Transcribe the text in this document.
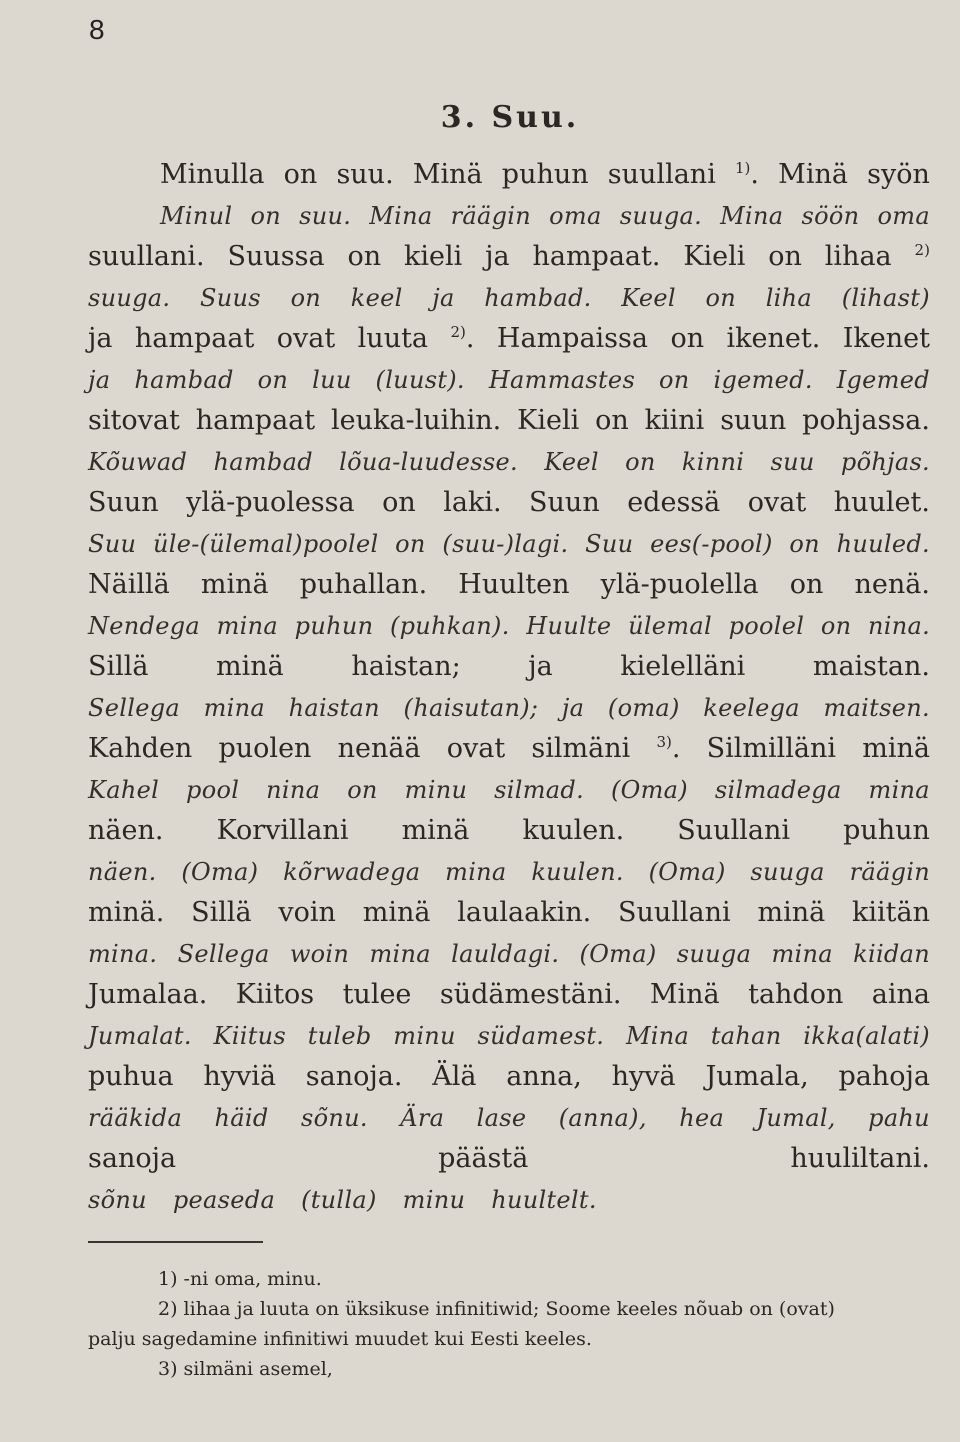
8
3. Suu.
Minulla on suu. Minä puhun suullani $^{1)}$. Minä syön
Minul on suu. Mina räägin oma suuga. Mina söön oma
suullani. Suussa on kieli ja hampaat. Kieli on lihaa $^{2)}$
suuga. Suus on keel ja hambad. Keel on liha (lihast)
ja hampaat ovat luuta $^{2)}$. Hampaissa on ikenet. Ikenet
ja hambad on luu (luust). Hammastes on igemed. Igemed
sitovat hampaat leuka-luihin. Kieli on kiini suun pohjassa.
Kõuwad hambad lõua-luudesse. Keel on kinni suu põhjas.
Suun ylä-puolessa on laki. Suun edessä ovat huulet.
Suu üle-(ülemal)poolel on (suu-)lagi. Suu ees(-pool) on huuled.
Näillä minä puhallan. Huulten ylä-puolella on nenä.
Nendega mina puhun (puhkan). Huulte ülemal poolel on nina.
Sillä	minä	haistan;	ja	kielelläni	maistan.
Sellega mina haistan (haisutan); ja (oma) keelega maitsen.
Kahden puolen nenää ovat silmäni $^{3)}$. Silmilläni minä
Kahel pool nina on minu silmad. (Oma) silmadega mina
näen. Korvillani minä kuulen. Suullani puhun
näen. (Oma) kõrwadega mina kuulen. (Oma) suuga räägin
minä. Sillä voin minä laulaakin. Suullani minä kiitän
mina. Sellega woin mina lauldagi. (Oma) suuga mina kiidan
Jumalaa. Kiitos tulee südämestäni. Minä tahdon aina
Jumalat. Kiitus tuleb minu südamest. Mina tahan ikka(alati)
puhua hyviä sanoja. Älä anna, hyvä Jumala, pahoja
rääkida häid sõnu. Ära lase (anna), hea Jumal, pahu
sanoja	päästä	huuliltani.
sõnu peaseda (tulla) minu huultelt.
1) -ni oma, minu.
2) lihaa ja luuta on üksikuse infinitiwid; Soome keeles nõuab on (ovat)
palju sagedamine infinitiwi muudet kui Eesti keeles.
3) silmäni asemel,
